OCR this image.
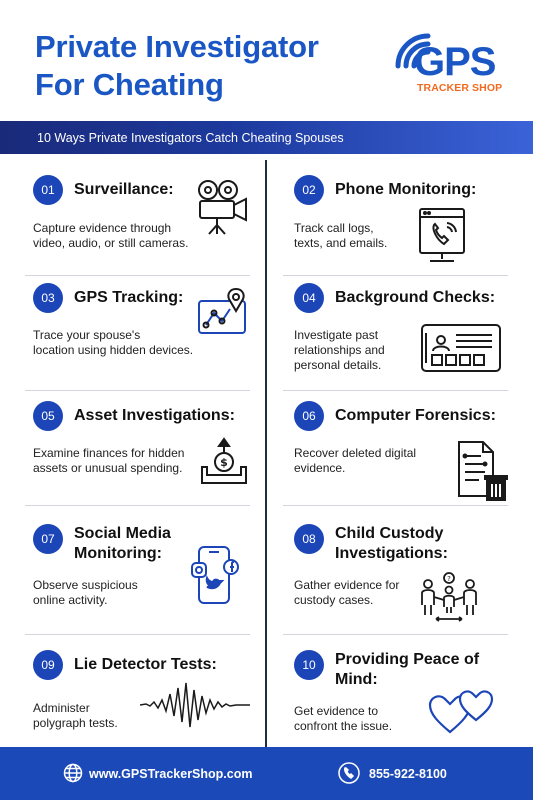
Private Investigator
For Cheating
GPS
TRACKER SHOP
10 Ways Private Investigators Catch Cheating Spouses
01	Surveillance:
Capture evidence through
video, audio, or still cameras.
02	Phone Monitoring:
Track call logs,
texts, and emails.
03	GPS Tracking:
Trace your spouse's
location using hidden devices.
04	Background Checks:
Investigate past
relationships and
personal details.
05	Asset Investigations:
Examine finances for hidden
assets or unusual spending.	$
06	Computer Forensics:
Recover deleted digital
evidence.
07	Social Media
Monitoring:
Observe suspicious
online activity.
08	Child Custody
Investigations:
Gather evidence for
custody cases.
?
09	Lie Detector Tests:
Administer
polygraph tests.
10	Providing Peace of
Mind:
Get evidence to
confront the issue.
www.GPSTrackerShop.com	855-922-8100
